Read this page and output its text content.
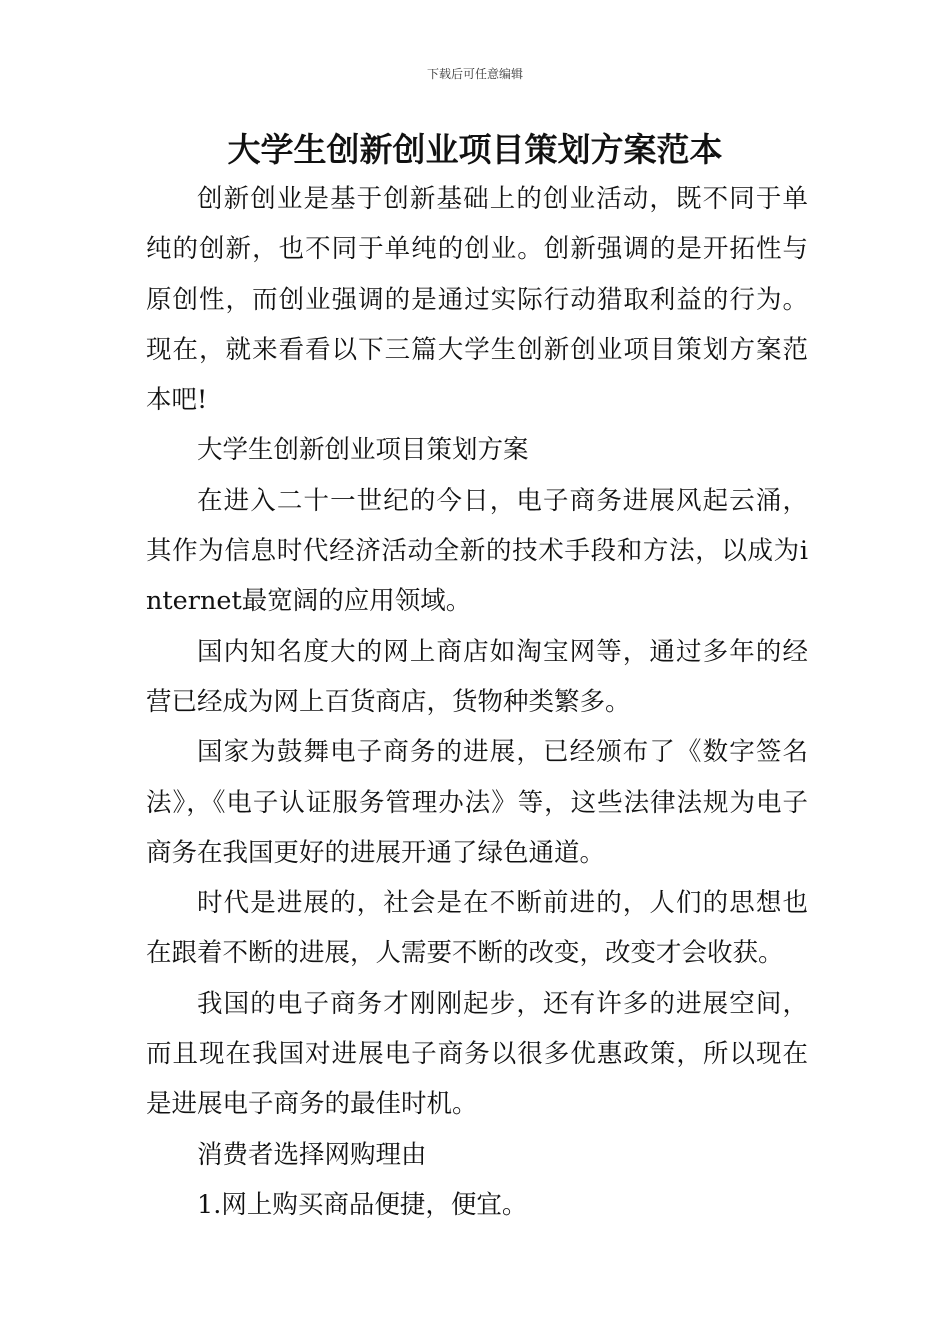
下载后可任意编辑
大学生创新创业项目策划方案范本

创新创业是基于创新基础上的创业活动，既不同于单纯的创新，也不同于单纯的创业。创新强调的是开拓性与原创性，而创业强调的是通过实际行动猎取利益的行为。现在，就来看看以下三篇大学生创新创业项目策划方案范本吧!

大学生创新创业项目策划方案

在进入二十一世纪的今日，电子商务进展风起云涌，其作为信息时代经济活动全新的技术手段和方法，以成为internet最宽阔的应用领域。

国内知名度大的网上商店如淘宝网等，通过多年的经营已经成为网上百货商店，货物种类繁多。

国家为鼓舞电子商务的进展，已经颁布了《数字签名法》，《电子认证服务管理办法》等，这些法律法规为电子商务在我国更好的进展开通了绿色通道。

时代是进展的，社会是在不断前进的，人们的思想也在跟着不断的进展，人需要不断的改变，改变才会收获。

我国的电子商务才刚刚起步，还有许多的进展空间，而且现在我国对进展电子商务以很多优惠政策，所以现在是进展电子商务的最佳时机。

消费者选择网购理由

1.网上购买商品便捷，便宜。
